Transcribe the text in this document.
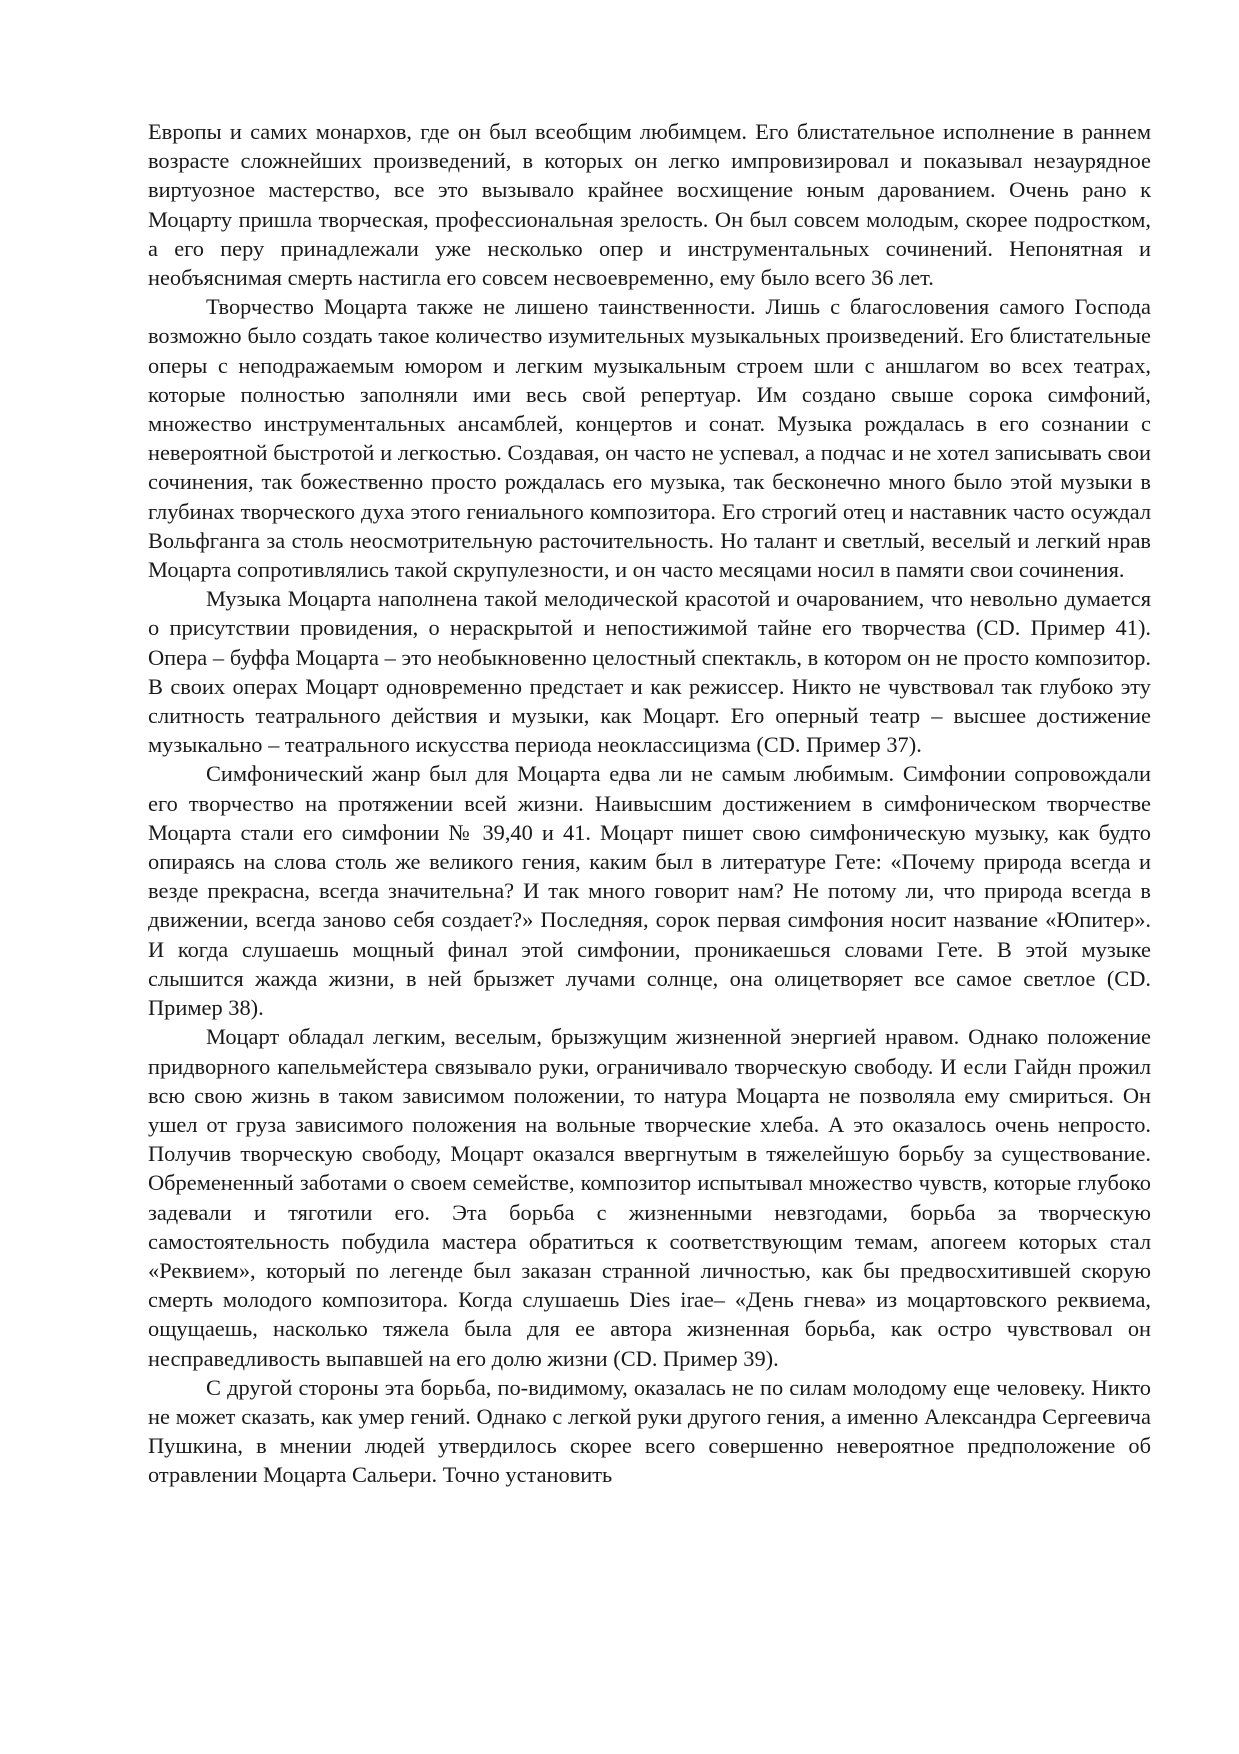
Европы и самих монархов, где он был всеобщим любимцем. Его блистательное исполнение в раннем возрасте сложнейших произведений, в которых он легко импровизировал и показывал незаурядное виртуозное мастерство, все это вызывало крайнее восхищение юным дарованием. Очень рано к Моцарту пришла творческая, профессиональная зрелость. Он был совсем молодым, скорее подростком, а его перу принадлежали уже несколько опер и инструментальных сочинений. Непонятная и необъяснимая смерть настигла его совсем несвоевременно, ему было всего 36 лет.

Творчество Моцарта также не лишено таинственности. Лишь с благословения самого Господа возможно было создать такое количество изумительных музыкальных произведений. Его блистательные оперы с неподражаемым юмором и легким музыкальным строем шли с аншлагом во всех театрах, которые полностью заполняли ими весь свой репертуар. Им создано свыше сорока симфоний, множество инструментальных ансамблей, концертов и сонат. Музыка рождалась в его сознании с невероятной быстротой и легкостью. Создавая, он часто не успевал, а подчас и не хотел записывать свои сочинения, так божественно просто рождалась его музыка, так бесконечно много было этой музыки в глубинах творческого духа этого гениального композитора. Его строгий отец и наставник часто осуждал Вольфганга за столь неосмотрительную расточительность. Но талант и светлый, веселый и легкий нрав Моцарта сопротивлялись такой скрупулезности, и он часто месяцами носил в памяти свои сочинения.

Музыка Моцарта наполнена такой мелодической красотой и очарованием, что невольно думается о присутствии провидения, о нераскрытой и непостижимой тайне его творчества (CD. Пример 41). Опера – буффа Моцарта – это необыкновенно целостный спектакль, в котором он не просто композитор. В своих операх Моцарт одновременно предстает и как режиссер. Никто не чувствовал так глубоко эту слитность театрального действия и музыки, как Моцарт. Его оперный театр – высшее достижение музыкально – театрального искусства периода неоклассицизма (CD. Пример 37).

Симфонический жанр был для Моцарта едва ли не самым любимым. Симфонии сопровождали его творчество на протяжении всей жизни. Наивысшим достижением в симфоническом творчестве Моцарта стали его симфонии № 39,40 и 41. Моцарт пишет свою симфоническую музыку, как будто опираясь на слова столь же великого гения, каким был в литературе Гете: «Почему природа всегда и везде прекрасна, всегда значительна? И так много говорит нам? Не потому ли, что природа всегда в движении, всегда заново себя создает?» Последняя, сорок первая симфония носит название «Юпитер». И когда слушаешь мощный финал этой симфонии, проникаешься словами Гете. В этой музыке слышится жажда жизни, в ней брызжет лучами солнце, она олицетворяет все самое светлое (CD. Пример 38).

Моцарт обладал легким, веселым, брызжущим жизненной энергией нравом. Однако положение придворного капельмейстера связывало руки, ограничивало творческую свободу. И если Гайдн прожил всю свою жизнь в таком зависимом положении, то натура Моцарта не позволяла ему смириться. Он ушел от груза зависимого положения на вольные творческие хлеба. А это оказалось очень непросто. Получив творческую свободу, Моцарт оказался ввергнутым в тяжелейшую борьбу за существование. Обремененный заботами о своем семействе, композитор испытывал множество чувств, которые глубоко задевали и тяготили его. Эта борьба с жизненными невзгодами, борьба за творческую самостоятельность побудила мастера обратиться к соответствующим темам, апогеем которых стал «Реквием», который по легенде был заказан странной личностью, как бы предвосхитившей скорую смерть молодого композитора. Когда слушаешь Dies irae– «День гнева» из моцартовского реквиема, ощущаешь, насколько тяжела была для ее автора жизненная борьба, как остро чувствовал он несправедливость выпавшей на его долю жизни (CD. Пример 39).

С другой стороны эта борьба, по-видимому, оказалась не по силам молодому еще человеку. Никто не может сказать, как умер гений. Однако с легкой руки другого гения, а именно Александра Сергеевича Пушкина, в мнении людей утвердилось скорее всего совершенно невероятное предположение об отравлении Моцарта Сальери. Точно установить
